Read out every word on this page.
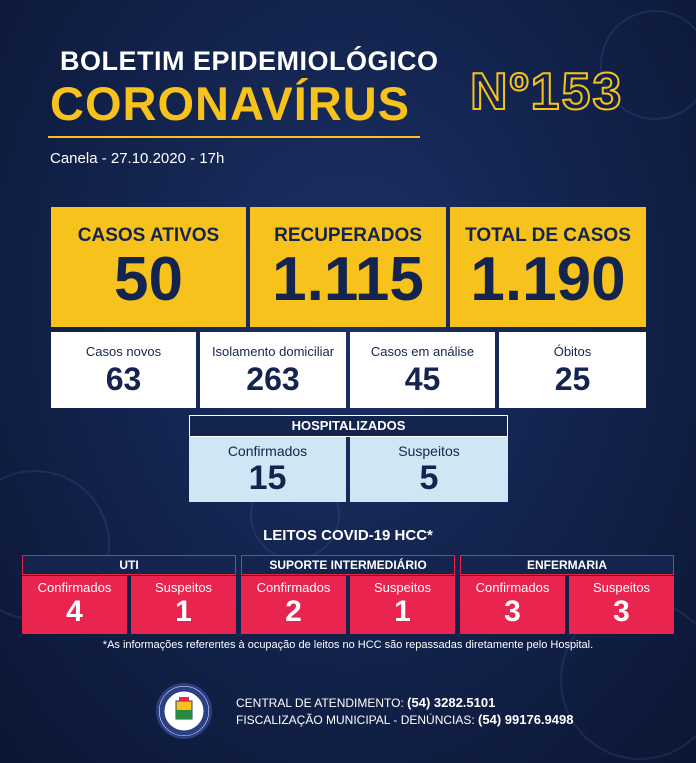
BOLETIM EPIDEMIOLÓGICO
CORONAVÍRUS
Canela - 27.10.2020 - 17h
Nº153
CASOS ATIVOS
50
RECUPERADOS
1.115
TOTAL DE CASOS
1.190
Casos novos
63
Isolamento domiciliar
263
Casos em análise
45
Óbitos
25
HOSPITALIZADOS
Confirmados
15
Suspeitos
5
LEITOS COVID-19 HCC*
UTI	SUPORTE INTERMEDIÁRIO	ENFERMARIA
Confirmados
4
Suspeitos
1
Confirmados
2
Suspeitos
1
Confirmados
3
Suspeitos
3
*As informações referentes à ocupação de leitos no HCC são repassadas diretamente pelo Hospital.
CENTRAL DE ATENDIMENTO: (54) 3282.5101
FISCALIZAÇÃO MUNICIPAL - DENÚNCIAS: (54) 99176.9498
